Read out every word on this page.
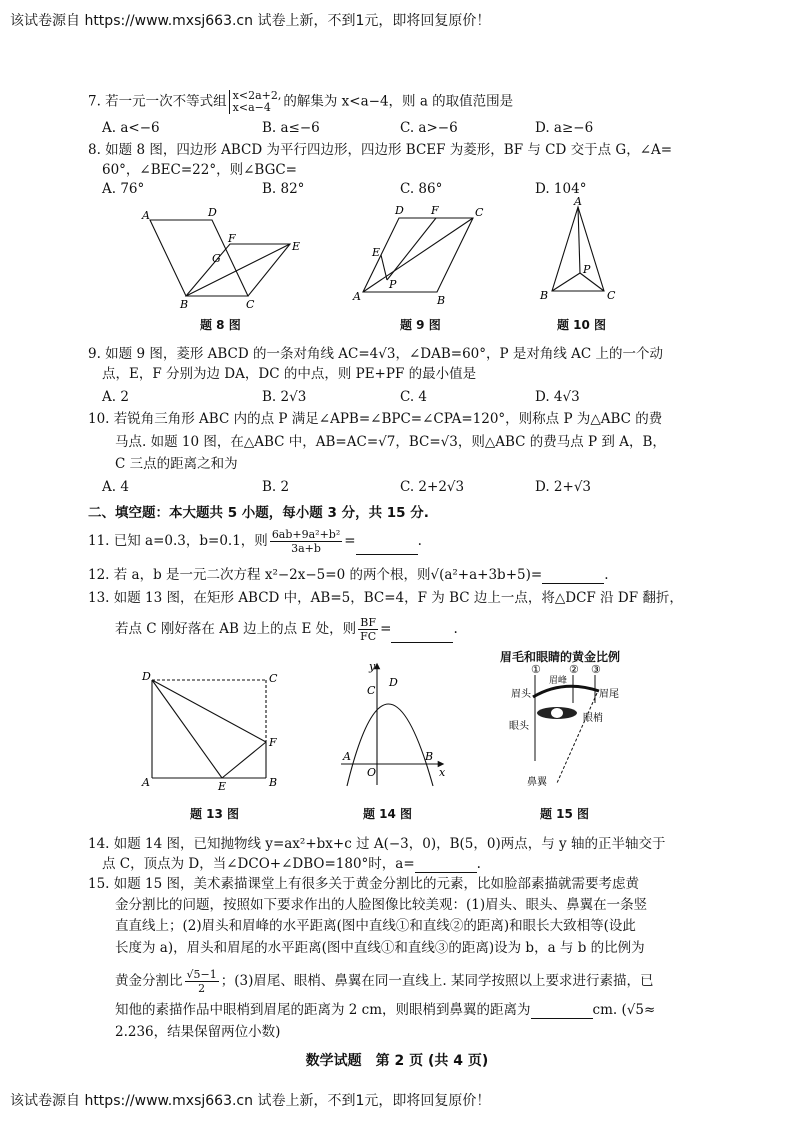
该试卷源自 https://www.mxsj663.cn 试卷上新，不到1元，即将回复原价！
7. 若一元一次不等式组 x<2a+2,
x<a−4 的解集为 x<a−4，则 a 的取值范围是
A. a<−6	B. a≤−6	C. a>−6	D. a≥−6
8. 如题 8 图，四边形 ABCD 为平行四边形，四边形 BCEF 为菱形，BF 与 CD 交于点 G，∠A=
60°，∠BEC=22°，则∠BGC=
A. 76°	B. 82°	C. 86°	D. 104°
A	D
F
E
G
B	C
题 8 图
D F	C
E
P
A	B
题 9 图
A
P
B	C
题 10 图
9. 如题 9 图，菱形 ABCD 的一条对角线 AC=4√3，∠DAB=60°，P 是对角线 AC 上的一个动
点，E，F 分别为边 DA，DC 的中点，则 PE+PF 的最小值是
A. 2	B. 2√3	C. 4	D. 4√3
10. 若锐角三角形 ABC 内的点 P 满足∠APB=∠BPC=∠CPA=120°，则称点 P 为△ABC 的费
马点. 如题 10 图，在△ABC 中，AB=AC=√7，BC=√3，则△ABC 的费马点 P 到 A，B，
C 三点的距离之和为
A. 4	B. 2	C. 2+2√3	D. 2+√3
二、填空题：本大题共 5 小题，每小题 3 分，共 15 分.
11. 已知 a=0.3，b=0.1，则 $\frac{\text{6ab+9a²+b²}}{3a+b}$ =	.
12. 若 a，b 是一元二次方程 x²−2x−5=0 的两个根，则√(a²+a+3b+5)=	.
13. 如题 13 图，在矩形 ABCD 中，AB=5，BC=4，F 为 BC 边上一点，将△DCF 沿 DF 翻折，
若点 C 刚好落在 AB 边上的点 E 处，则 $\frac{BF}{FC}$ =	.
D	C
F
A	E	B
题 13 图
y
D
C
A
O
B
x
题 14 图
眉毛和眼睛的黄金比例
①	② ③
眉峰
眉头	眉尾
眼头
眼梢
鼻翼
题 15 图
14. 如题 14 图，已知抛物线 y=ax²+bx+c 过 A(−3，0)，B(5，0)两点，与 y 轴的正半轴交于
点 C，顶点为 D，当∠DCO+∠DBO=180°时，a=	.
15. 如题 15 图，美术素描课堂上有很多关于黄金分割比的元素，比如脸部素描就需要考虑黄
金分割比的问题，按照如下要求作出的人脸图像比较美观：(1)眉头、眼头、鼻翼在一条竖
直直线上；(2)眉头和眉峰的水平距离(图中直线①和直线②的距离)和眼长大致相等(设此
长度为 a)，眉头和眉尾的水平距离(图中直线①和直线③的距离)设为 b，a 与 b 的比例为
黄金分割比 $\frac{√5-1}{2}$ ；(3)眉尾、眼梢、鼻翼在同一直线上. 某同学按照以上要求进行素描，已
知他的素描作品中眼梢到眉尾的距离为 2 cm，则眼梢到鼻翼的距离为	cm. (√5≈
2.236，结果保留两位小数)
数学试题　第 2 页 (共 4 页)
该试卷源自 https://www.mxsj663.cn 试卷上新，不到1元，即将回复原价！
